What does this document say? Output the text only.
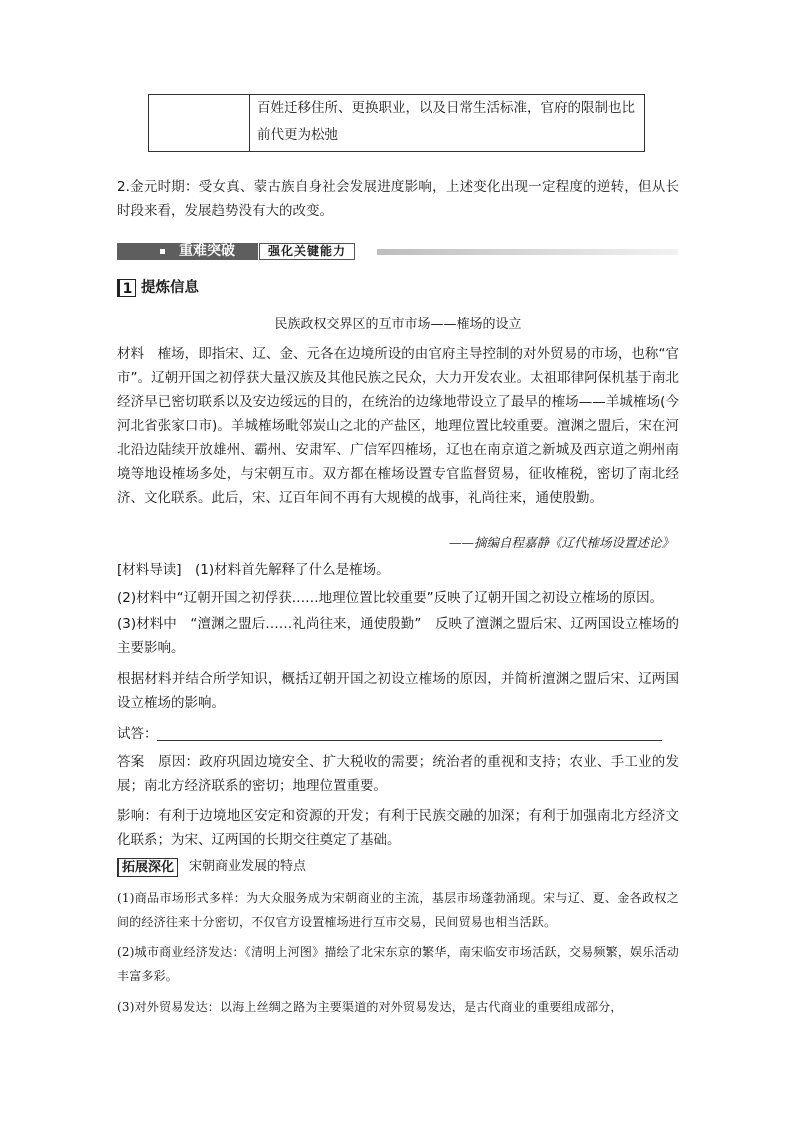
百姓迁移住所、更换职业，以及日常生活标准，官府的限制也比前代更为松弛
2.金元时期：受女真、蒙古族自身社会发展进度影响，上述变化出现一定程度的逆转，但从长时段来看，发展趋势没有大的改变。
重难突破	强化关键能力
1 提炼信息
民族政权交界区的互市市场——榷场的设立
材料　榷场，即指宋、辽、金、元各在边境所设的由官府主导控制的对外贸易的市场，也称“官市”。辽朝开国之初俘获大量汉族及其他民族之民众，大力开发农业。太祖耶律阿保机基于南北经济早已密切联系以及安边绥远的目的，在统治的边缘地带设立了最早的榷场——羊城榷场(今河北省张家口市)。羊城榷场毗邻炭山之北的产盐区，地理位置比较重要。澶渊之盟后，宋在河北沿边陆续开放雄州、霸州、安肃军、广信军四榷场，辽也在南京道之新城及西京道之朔州南境等地设榷场多处，与宋朝互市。双方都在榷场设置专官监督贸易，征收榷税，密切了南北经济、文化联系。此后，宋、辽百年间不再有大规模的战事，礼尚往来，通使殷勤。
——摘编自程嘉静《辽代榷场设置述论》
[材料导读]　(1)材料首先解释了什么是榷场。
(2)材料中“辽朝开国之初俘获……地理位置比较重要”反映了辽朝开国之初设立榷场的原因。
(3)材料中　“澶渊之盟后……礼尚往来，通使殷勤”　反映了澶渊之盟后宋、辽两国设立榷场的主要影响。
根据材料并结合所学知识，概括辽朝开国之初设立榷场的原因，并简析澶渊之盟后宋、辽两国设立榷场的影响。
试答：
答案　原因：政府巩固边境安全、扩大税收的需要；统治者的重视和支持；农业、手工业的发展；南北方经济联系的密切；地理位置重要。
影响：有利于边境地区安定和资源的开发；有利于民族交融的加深；有利于加强南北方经济文化联系；为宋、辽两国的长期交往奠定了基础。
拓展深化	宋朝商业发展的特点
(1)商品市场形式多样：为大众服务成为宋朝商业的主流，基层市场蓬勃涌现。宋与辽、夏、金各政权之间的经济往来十分密切，不仅官方设置榷场进行互市交易，民间贸易也相当活跃。
(2)城市商业经济发达：《清明上河图》描绘了北宋东京的繁华，南宋临安市场活跃，交易频繁，娱乐活动丰富多彩。
(3)对外贸易发达：以海上丝绸之路为主要渠道的对外贸易发达，是古代商业的重要组成部分，
